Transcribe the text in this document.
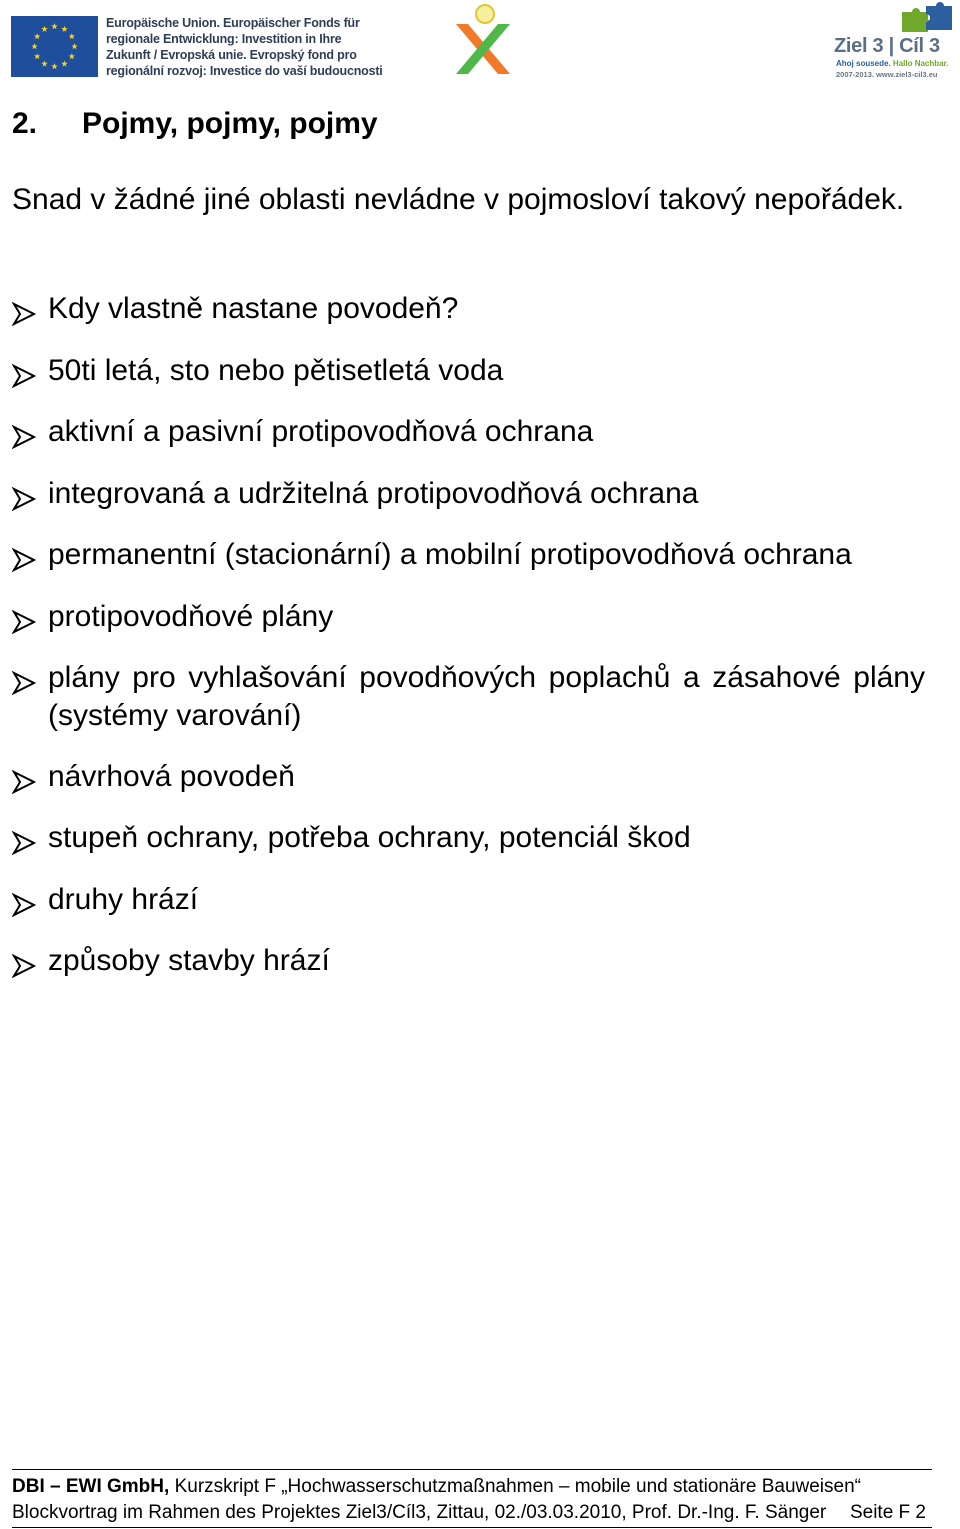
Europäische Union. Europäischer Fonds für
regionale Entwicklung: Investition in Ihre
Zukunft / Evropská unie. Evropský fond pro
regionální rozvoj: Investice do vaší budoucnosti
Ziel 3 | Cíl 3
Ahoj sousede. Hallo Nachbar.
2007-2013. www.ziel3-cil3.eu
2. Pojmy, pojmy, pojmy
Snad v žádné jiné oblasti nevládne v pojmosloví takový nepořádek.
Kdy vlastně nastane povodeň?
50ti letá, sto nebo pětisetletá voda
aktivní a pasivní protipovodňová ochrana
integrovaná a udržitelná protipovodňová ochrana
permanentní (stacionární) a mobilní protipovodňová ochrana
protipovodňové plány
plány pro vyhlašování povodňových poplachů a zásahové plány (systémy varování)
návrhová povodeň
stupeň ochrany, potřeba ochrany, potenciál škod
druhy hrází
způsoby stavby hrází
DBI – EWI GmbH, Kurzskript F „Hochwasserschutzmaßnahmen – mobile und stationäre Bauweisen“
Blockvortrag im Rahmen des Projektes Ziel3/Cíl3, Zittau, 02./03.03.2010, Prof. Dr.-Ing. F. Sänger Seite F 2
